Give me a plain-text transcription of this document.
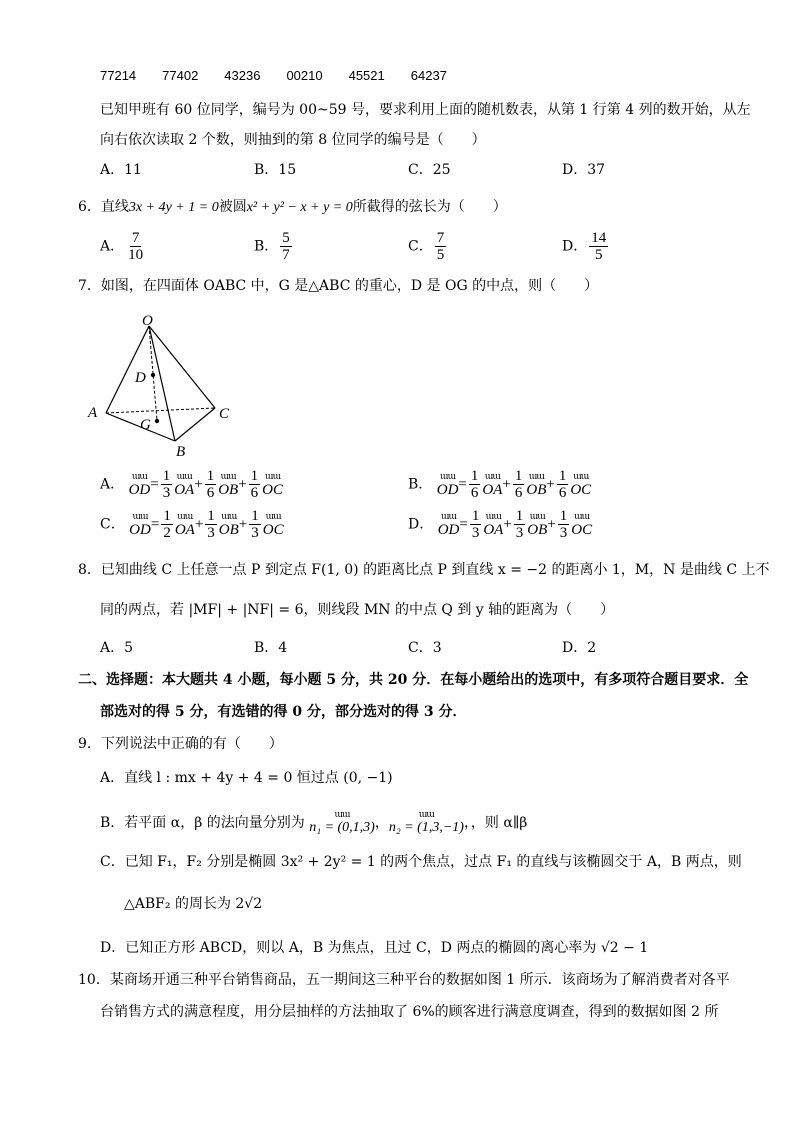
77214　　77402　　43236　　00210　　45521　　64237
已知甲班有 60 位同学，编号为 00~59 号，要求利用上面的随机数表，从第 1 行第 4 列的数开始，从左
向右依次读取 2 个数，则抽到的第 8 位同学的编号是（　　）
A．11	B．15	C．25	D．37
6．直线3x + 4y + 1 = 0被圆x² + y² − x + y = 0所截得的弦长为（　　）
A． $\frac{7}{10}$	B． $\frac{5}{7}$	C． $\frac{7}{5}$	D． $\frac{14}{5}$
7．如图，在四面体 OABC 中，G 是△ABC 的重心，D 是 OG 的中点，则（　　）
O
D
A
G
C
B
A． ɯɯ
OD = $\frac{1}{3}$ ɯɯ
OA + $\frac{1}{6}$ ɯɯ
OB + $\frac{1}{6}$ ɯɯ
OC	B． ɯɯ
OD = $\frac{1}{6}$ ɯɯ
OA + $\frac{1}{6}$ ɯɯ
OB + $\frac{1}{6}$ ɯɯ
OC
C． ɯɯ
OD = $\frac{1}{2}$ ɯɯ
OA + $\frac{1}{3}$ ɯɯ
OB + $\frac{1}{3}$ ɯɯ
OC	D． ɯɯ
OD = $\frac{1}{3}$ ɯɯ
OA + $\frac{1}{3}$ ɯɯ
OB + $\frac{1}{3}$ ɯɯ
OC
8．已知曲线 C 上任意一点 P 到定点 F(1, 0) 的距离比点 P 到直线 x = −2 的距离小 1，M，N 是曲线 C 上不
同的两点，若 |MF| + |NF| = 6，则线段 MN 的中点 Q 到 y 轴的距离为（　　）
A．5	B．4	C．3	D．2
二、选择题：本大题共 4 小题，每小题 5 分，共 20 分．在每小题给出的选项中，有多项符合题目要求．全
部选对的得 5 分，有选错的得 0 分，部分选对的得 3 分．
9．下列说法中正确的有（　　）
A．直线 l : mx + 4y + 4 = 0 恒过点 (0, −1)
B．若平面 α，β 的法向量分别为	ɯɯ
n₁ = (0,1,3) ，	ɯɯ
n₂ = (1,3,−1) ，，则 α∥β
C．已知 F₁，F₂ 分别是椭圆 3x² + 2y² = 1 的两个焦点，过点 F₁ 的直线与该椭圆交于 A，B 两点，则
△ABF₂ 的周长为 2√2
D．已知正方形 ABCD，则以 A，B 为焦点，且过 C，D 两点的椭圆的离心率为 √2 − 1
10．某商场开通三种平台销售商品，五一期间这三种平台的数据如图 1 所示．该商场为了解消费者对各平
台销售方式的满意程度，用分层抽样的方法抽取了 6%的顾客进行满意度调查，得到的数据如图 2 所
